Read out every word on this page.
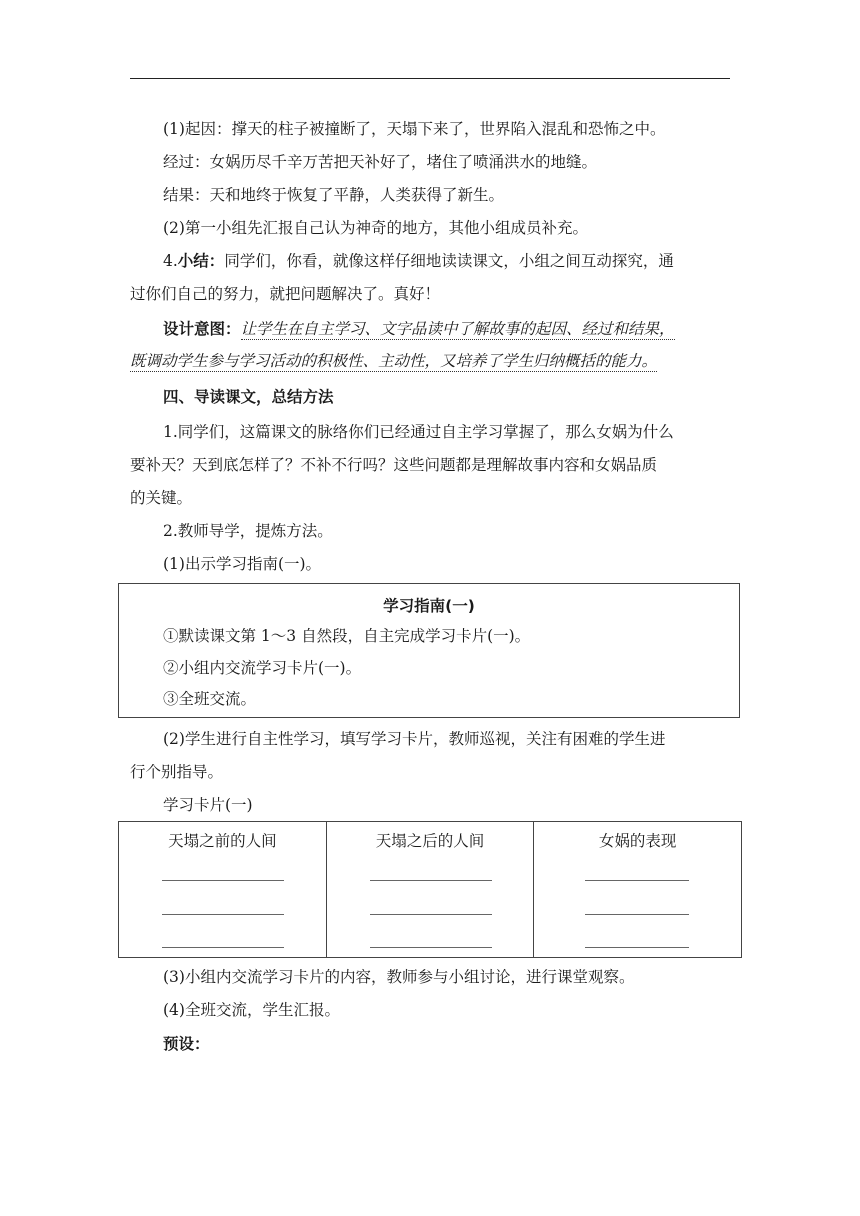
(1)起因：撑天的柱子被撞断了，天塌下来了，世界陷入混乱和恐怖之中。
经过：女娲历尽千辛万苦把天补好了，堵住了喷涌洪水的地缝。
结果：天和地终于恢复了平静，人类获得了新生。
(2)第一小组先汇报自己认为神奇的地方，其他小组成员补充。
4.小结：同学们，你看，就像这样仔细地读读课文，小组之间互动探究，通
过你们自己的努力，就把问题解决了。真好！
设计意图：让学生在自主学习、文字品读中了解故事的起因、经过和结果，
既调动学生参与学习活动的积极性、主动性，又培养了学生归纳概括的能力。
四、导读课文，总结方法
1.同学们，这篇课文的脉络你们已经通过自主学习掌握了，那么女娲为什么
要补天？天到底怎样了？不补不行吗？这些问题都是理解故事内容和女娲品质
的关键。
2.教师导学，提炼方法。
(1)出示学习指南(一)。
学习指南(一)
①默读课文第 1～3 自然段，自主完成学习卡片(一)。
②小组内交流学习卡片(一)。
③全班交流。
(2)学生进行自主性学习，填写学习卡片，教师巡视，关注有困难的学生进
行个别指导。
学习卡片(一)
天塌之前的人间	天塌之后的人间	女娲的表现
(3)小组内交流学习卡片的内容，教师参与小组讨论，进行课堂观察。
(4)全班交流，学生汇报。
预设：
